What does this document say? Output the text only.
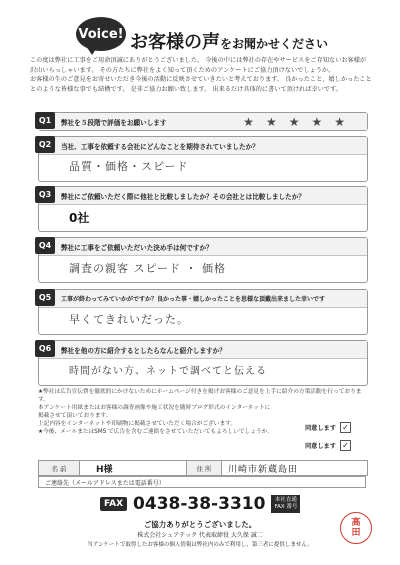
Voice! お客様の声をお聞かせください
この度は弊社に工事をご用命頂誠にありがとうございました。 今後の中には弊社の存在やサービスをご存知ないお客様が
沢山いらっしゃいます。 その方たちに弊社をよく知って頂くためのアンケートにご協力頂けないでしょうか。
お客様の生のご意見をお寄せいただき今後の活動に反映させていきたいと考えております。 良かったこと、嬉しかったこと
とのような皆様な事でも結構です。 是非ご協力お願い致します。 出来るだけ具体的に書いて頂ければ幸いです。
Q1	弊社を５段階で評価をお願いします	★ ★ ★ ★ ★
Q2	当社、工事を依頼する会社にどんなことを期待されていましたか？
品質・価格・スピード
Q3	弊社にご依頼いただく際に他社と比較しましたか？その会社とは比較しましたか？
0社
Q4	弊社に工事をご依頼いただいた決め手は何ですか？
調査の親客 スピード ・ 価格
Q5	工事が終わってみていかがですか？良かった事・嬉しかったことを思様な頂戴出来ました幸いです
早くてきれいだった。
Q6	弊社を他の方に紹介するとしたらなんと紹介しますか？
時間がない方、ネットで調べてと伝える
★弊社は広告宣伝費を徹底的にかけないためにホームページ付きを掲げお客様のご意見を上手に紹介の方策活動を行っております。
本アンケート用紙またはお客様の調査画像や施工状況を随時ブログ形式のインターネットに
掲載させて頂いております。
上記内容をインターネットや印刷物に掲載させていただく場合がございます。
★今後、メールまたはSMS で広告を含むご連絡をさせていただいてもよろしいでしょうか。	同意します ✓
同意します ✓
名 前	H様	住 所	川崎市新蔵島田
ご連絡先（メールアドレスまたは電話番号）
FAX 0438-38-3310 本社直通
FAX 番号
ご協力ありがとうございました。
株式会社シュアテック 代表取締役 大久保 誠二
当アンケートで取得したお客様の個人情報は弊社内のみで利用し、第三者に提供しません。
高
田
